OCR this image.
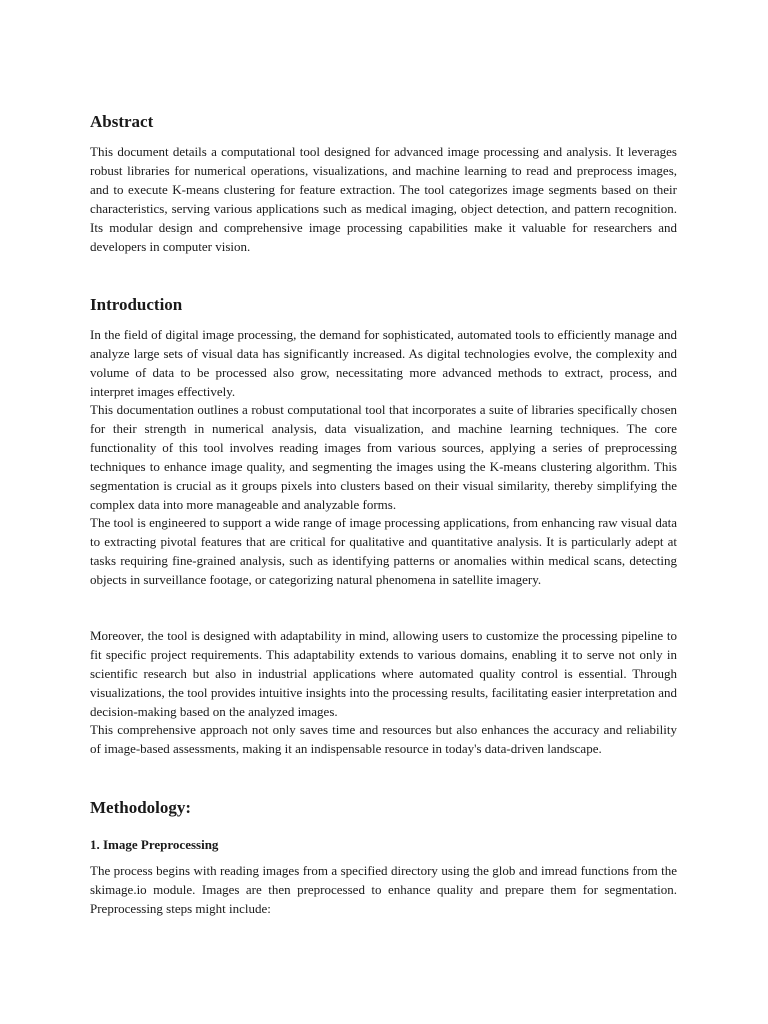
Abstract

This document details a computational tool designed for advanced image processing and analysis. It leverages robust libraries for numerical operations, visualizations, and machine learning to read and preprocess images, and to execute K-means clustering for feature extraction. The tool categorizes image segments based on their characteristics, serving various applications such as medical imaging, object detection, and pattern recognition. Its modular design and comprehensive image processing capabilities make it valuable for researchers and developers in computer vision.

Introduction

In the field of digital image processing, the demand for sophisticated, automated tools to efficiently manage and analyze large sets of visual data has significantly increased. As digital technologies evolve, the complexity and volume of data to be processed also grow, necessitating more advanced methods to extract, process, and interpret images effectively.

This documentation outlines a robust computational tool that incorporates a suite of libraries specifically chosen for their strength in numerical analysis, data visualization, and machine learning techniques. The core functionality of this tool involves reading images from various sources, applying a series of preprocessing techniques to enhance image quality, and segmenting the images using the K-means clustering algorithm. This segmentation is crucial as it groups pixels into clusters based on their visual similarity, thereby simplifying the complex data into more manageable and analyzable forms.

The tool is engineered to support a wide range of image processing applications, from enhancing raw visual data to extracting pivotal features that are critical for qualitative and quantitative analysis. It is particularly adept at tasks requiring fine-grained analysis, such as identifying patterns or anomalies within medical scans, detecting objects in surveillance footage, or categorizing natural phenomena in satellite imagery.

Moreover, the tool is designed with adaptability in mind, allowing users to customize the processing pipeline to fit specific project requirements. This adaptability extends to various domains, enabling it to serve not only in scientific research but also in industrial applications where automated quality control is essential. Through visualizations, the tool provides intuitive insights into the processing results, facilitating easier interpretation and decision-making based on the analyzed images.

This comprehensive approach not only saves time and resources but also enhances the accuracy and reliability of image-based assessments, making it an indispensable resource in today's data-driven landscape.

Methodology:
1. Image Preprocessing

The process begins with reading images from a specified directory using the glob and imread functions from the skimage.io module. Images are then preprocessed to enhance quality and prepare them for segmentation. Preprocessing steps might include:
